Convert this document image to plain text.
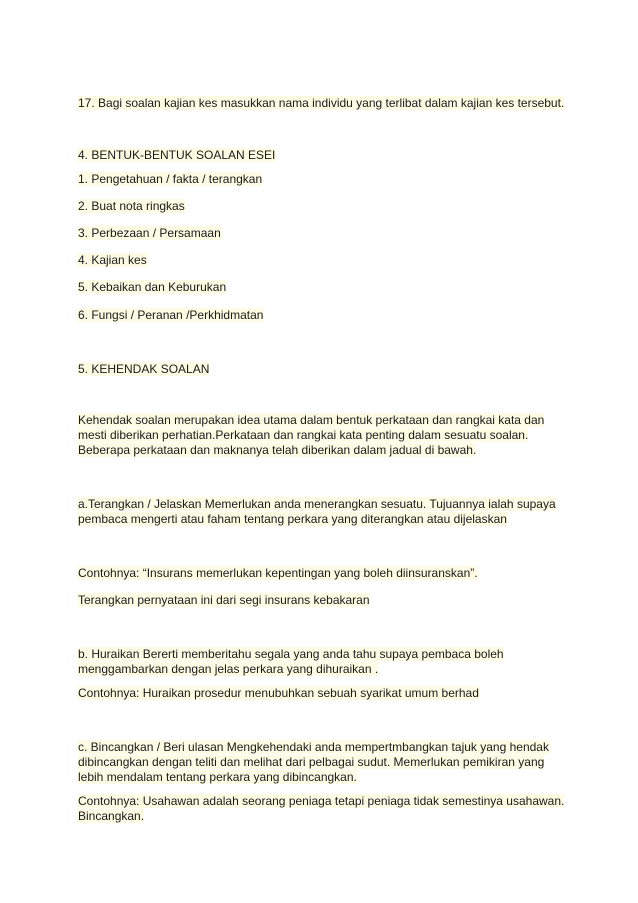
17. Bagi soalan kajian kes masukkan nama individu yang terlibat dalam kajian kes tersebut.

4. BENTUK-BENTUK SOALAN ESEI

1. Pengetahuan / fakta / terangkan

2. Buat nota ringkas

3. Perbezaan / Persamaan

4. Kajian kes

5. Kebaikan dan Keburukan

6. Fungsi / Peranan /Perkhidmatan

5. KEHENDAK SOALAN

Kehendak soalan merupakan idea utama dalam bentuk perkataan dan rangkai kata dan

mesti diberikan perhatian.Perkataan dan rangkai kata penting dalam sesuatu soalan.

Beberapa perkataan dan maknanya telah diberikan dalam jadual di bawah.

a.Terangkan / Jelaskan Memerlukan anda menerangkan sesuatu. Tujuannya ialah supaya

pembaca mengerti atau faham tentang perkara yang diterangkan atau dijelaskan

Contohnya: “Insurans memerlukan kepentingan yang boleh diinsuranskan”.

Terangkan pernyataan ini dari segi insurans kebakaran

b. Huraikan Bererti memberitahu segala yang anda tahu supaya pembaca boleh

menggambarkan dengan jelas perkara yang dihuraikan .

Contohnya: Huraikan prosedur menubuhkan sebuah syarikat umum berhad

c. Bincangkan / Beri ulasan Mengkehendaki anda mempertmbangkan tajuk yang hendak

dibincangkan dengan teliti dan melihat dari pelbagai sudut. Memerlukan pemikiran yang

lebih mendalam tentang perkara yang dibincangkan.

Contohnya: Usahawan adalah seorang peniaga tetapi peniaga tidak semestinya usahawan.

Bincangkan.
